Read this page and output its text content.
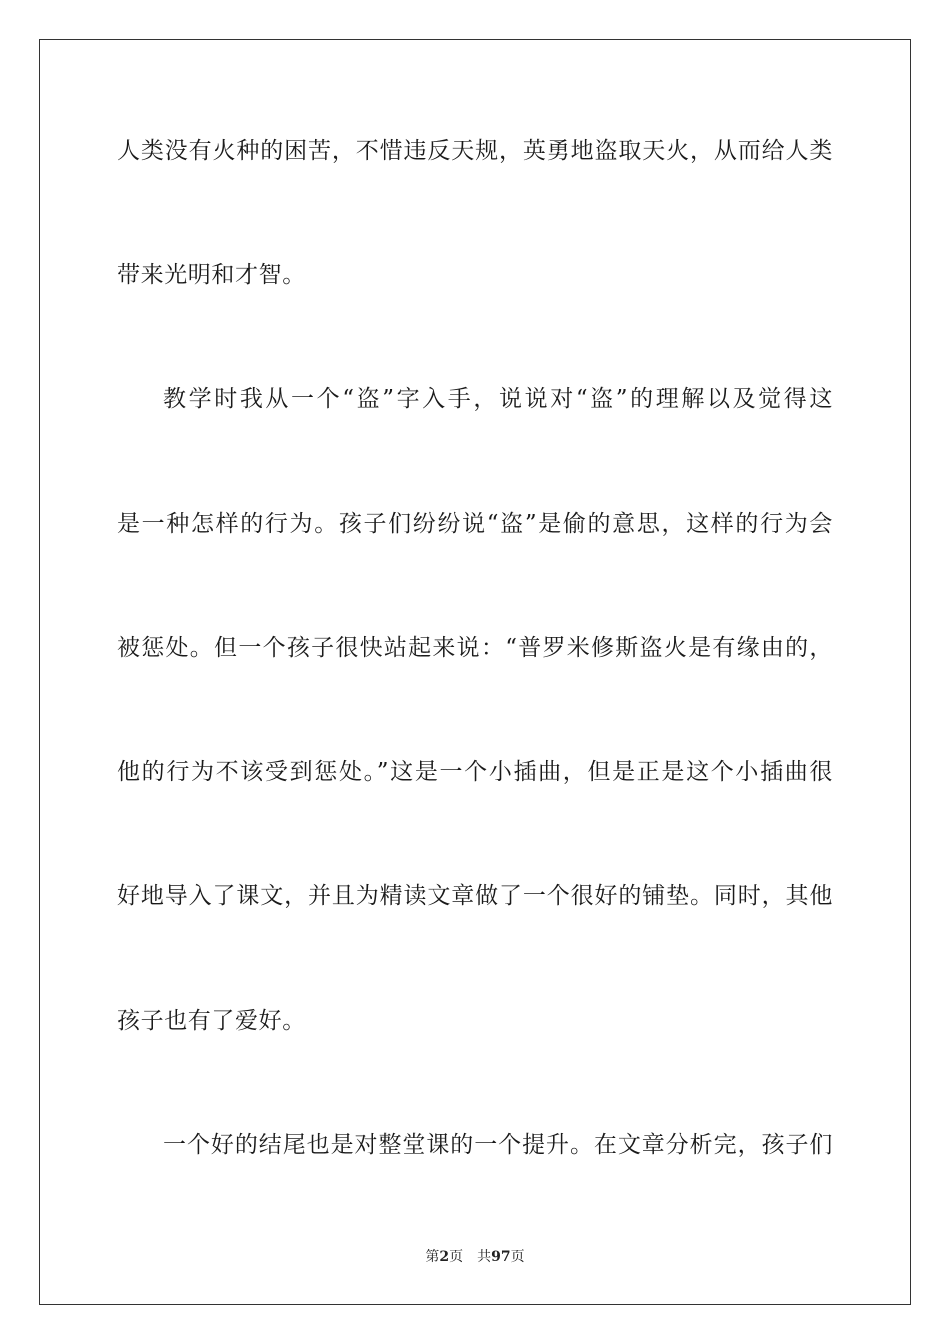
人类没有火种的困苦，不惜违反天规，英勇地盗取天火，从而给人类
带来光明和才智。
教学时我从一个“盗”字入手，说说对“盗”的理解以及觉得这
是一种怎样的行为。孩子们纷纷说“盗”是偷的意思，这样的行为会
被惩处。但一个孩子很快站起来说：“普罗米修斯盗火是有缘由的，
他的行为不该受到惩处。”这是一个小插曲，但是正是这个小插曲很
好地导入了课文，并且为精读文章做了一个很好的铺垫。同时，其他
孩子也有了爱好。
一个好的结尾也是对整堂课的一个提升。在文章分析完，孩子们
第2页 共97页
